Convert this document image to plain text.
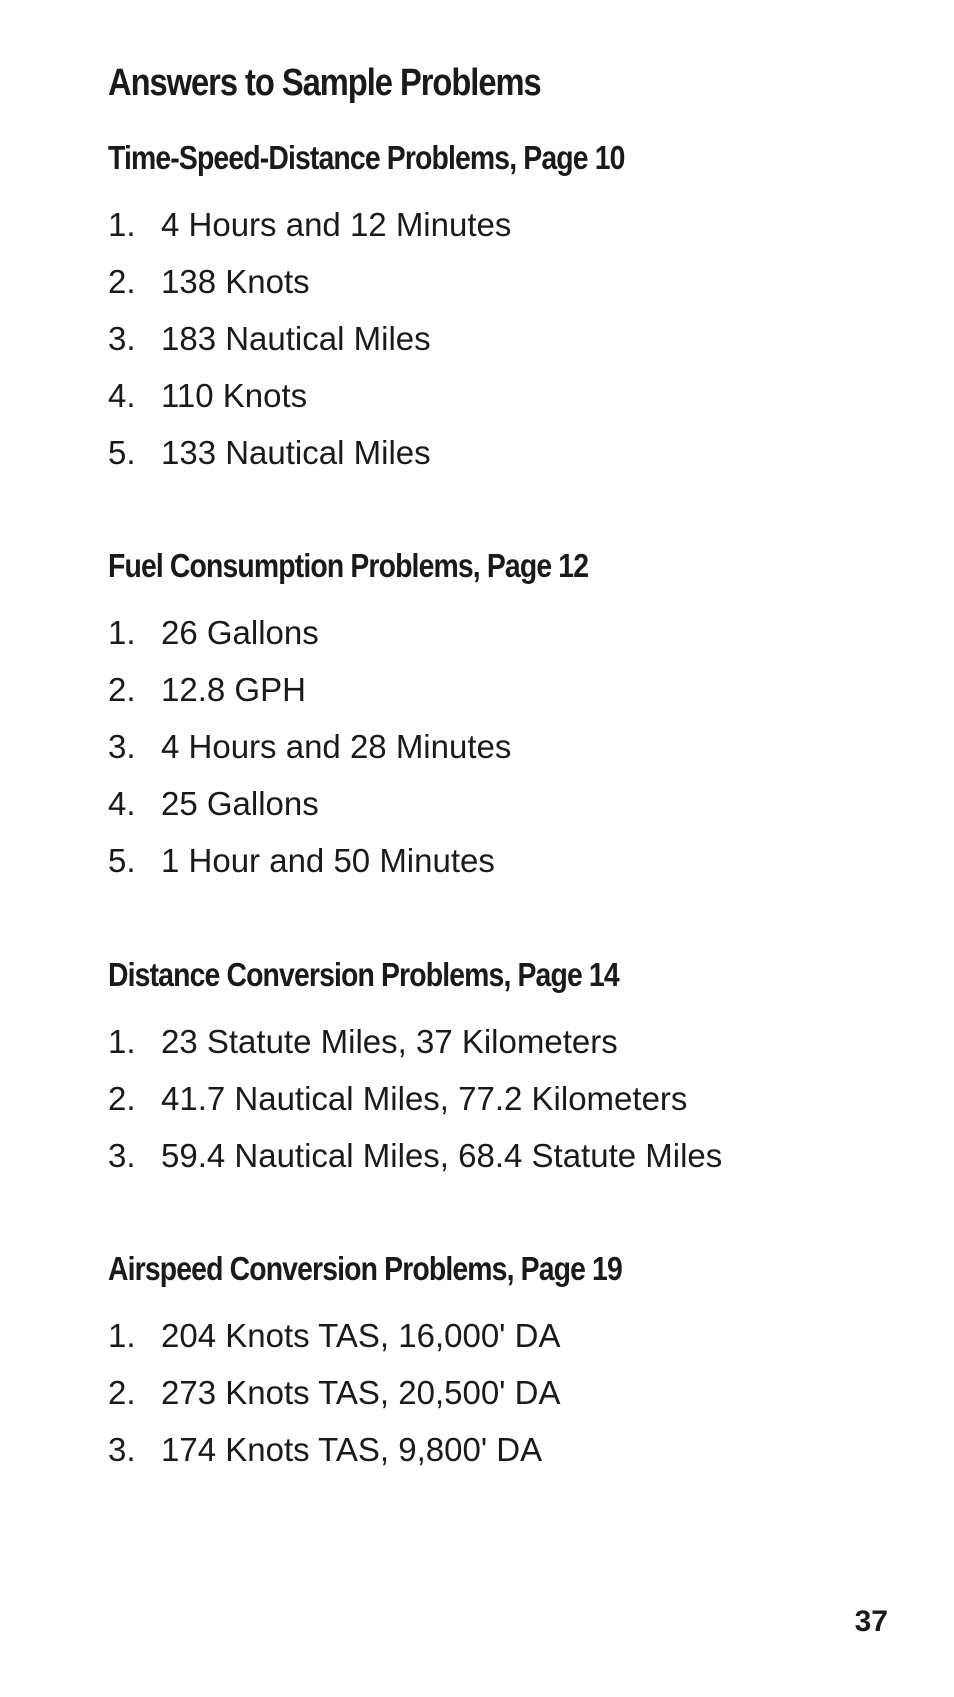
Answers to Sample Problems
Time-Speed-Distance Problems, Page 10
1. 4 Hours and 12 Minutes
2. 138 Knots
3. 183 Nautical Miles
4. 110 Knots
5. 133 Nautical Miles
Fuel Consumption Problems, Page 12
1. 26 Gallons
2. 12.8 GPH
3. 4 Hours and 28 Minutes
4. 25 Gallons
5. 1 Hour and 50 Minutes
Distance Conversion Problems, Page 14
1. 23 Statute Miles, 37 Kilometers
2. 41.7 Nautical Miles, 77.2 Kilometers
3. 59.4 Nautical Miles, 68.4 Statute Miles
Airspeed Conversion Problems, Page 19
1. 204 Knots TAS, 16,000' DA
2. 273 Knots TAS, 20,500' DA
3. 174 Knots TAS, 9,800' DA
37
